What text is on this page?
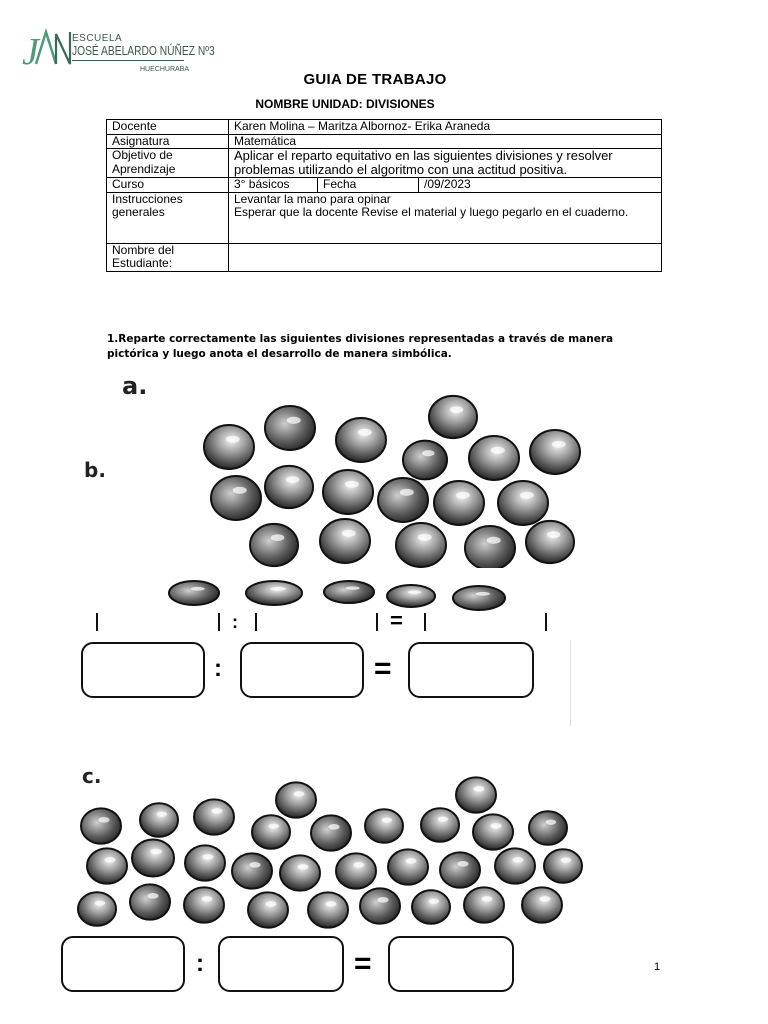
J	ESCUELA
JOSÉ ABELARDO NÚÑEZ Nº3
HUECHURABA
GUIA DE TRABAJO
NOMBRE UNIDAD: DIVISIONES
Docente	Karen Molina – Maritza Albornoz- Erika Araneda		
Asignatura	Matemática		
Objetivo de Aprendizaje	Aplicar el reparto equitativo en las siguientes divisiones y resolver problemas utilizando el algoritmo con una actitud positiva.		
Curso	3° básicos	Fecha	/09/2023
Instrucciones generales	Levantar la mano para opinar
Esperar que la docente Revise el material y luego pegarlo en el cuaderno.		

Nombre del Estudiante:			
1.Reparte correctamente las siguientes divisiones representadas a través de manera pictórica y luego anota el desarrollo de manera simbólica.
a.
b.
c.
:	=
:	=
:	=	1
